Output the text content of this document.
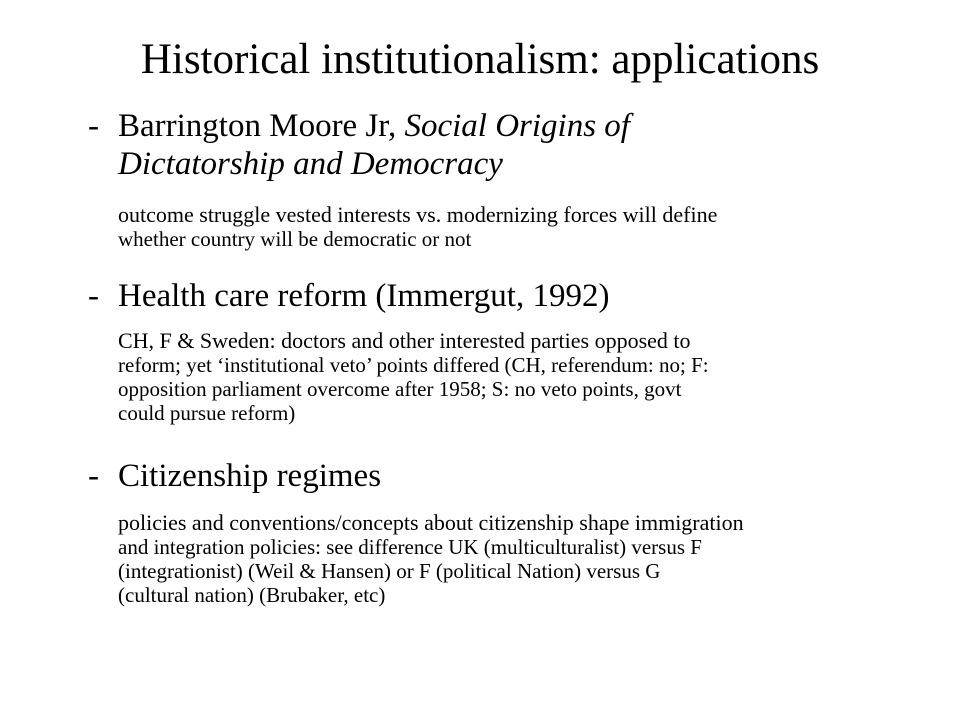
Historical institutionalism: applications
- Barrington Moore Jr, Social Origins of
Dictatorship and Democracy
outcome struggle vested interests vs. modernizing forces will define
whether country will be democratic or not
- Health care reform (Immergut, 1992)
CH, F & Sweden: doctors and other interested parties opposed to
reform; yet ‘institutional veto’ points differed (CH, referendum: no; F:
opposition parliament overcome after 1958; S: no veto points, govt
could pursue reform)
- Citizenship regimes
policies and conventions/concepts about citizenship shape immigration
and integration policies: see difference UK (multiculturalist) versus F
(integrationist) (Weil & Hansen) or F (political Nation) versus G
(cultural nation) (Brubaker, etc)
